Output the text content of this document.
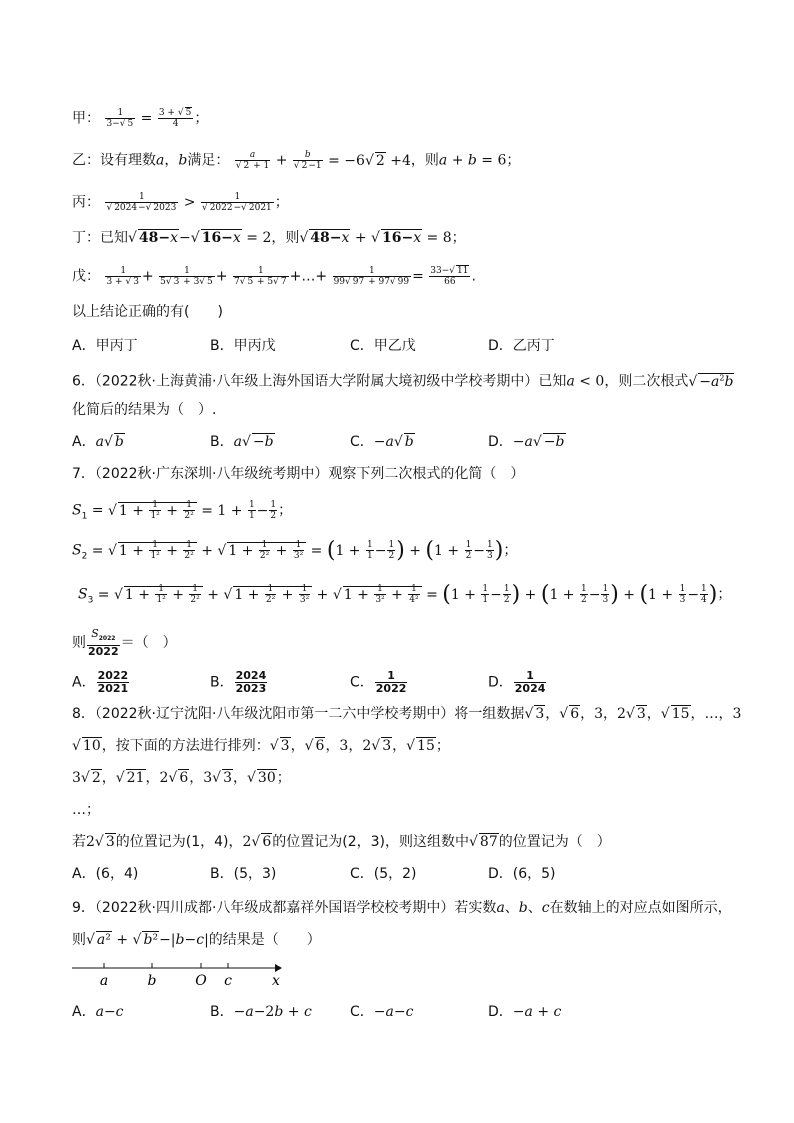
甲： $\frac{1}{3-√ 5} = \frac{3 + √ 5}{4}$ ；
乙：设有理数a，b满足： $\frac{a}{√ 2 + 1} + \frac{b}{√ 2-1} = -6√$ 2 +4，则a + b = 6；
丙： $\frac{1}{√ 2024-√ 2023} > \frac{1}{√ 2022-√ 2021}$ ；
丁：已知√ 48−x−√ 16−x = 2，则√ 48−x + √ 16−x = 8；
戊： $\frac{1}{3 + √ 3} + \frac{1}{5√ 3 + 3√ 5} + \frac{1}{7√ 5 + 5√ 7}$ +…+ $\frac{1}{99√ 97 + 97√ 99} = \frac{33-√ 11}{66}$ .
以上结论正确的有(　　)
A．甲丙丁	B．甲丙戊	C．甲乙戊	D．乙丙丁
6．（2022秋·上海黄浦·八年级上海外国语大学附属大境初级中学校考期中）已知a < 0，则二次根式√ $-a^2b$
化简后的结果为（　）.
A．a√ b	B．a√ −b	C．−a√ b	D．−a√ −b
7．（2022秋·广东深圳·八年级统考期中）观察下列二次根式的化简（　）
$S_1$ = √ $1 + \frac{1}{\text{1²}} + \frac{1}{\text{2²}} = 1 + \frac{1}{1} - \frac{1}{2}$ ；
$S_2$ = √ $1 + \frac{1}{\text{1²}} + \frac{1}{\text{2²}}$ + √ $1 + \frac{1}{\text{2²}} + \frac{1}{\text{3²}} = (1 + \frac{1}{1} - \frac{1}{2}$ ) + ($1 + \frac{1}{2} - \frac{1}{3}$ )；
$S_3$ = √ $1 + \frac{1}{\text{1²}} + \frac{1}{\text{2²}}$ + √ $1 + \frac{1}{\text{2²}} + \frac{1}{\text{3²}}$ + √ $1 + \frac{1}{\text{3²}} + \frac{1}{\text{4²}} = (1 + \frac{1}{1} - \frac{1}{2}$ ) + ($1 + \frac{1}{2} - \frac{1}{3}$ ) + ($1 + \frac{1}{3} - \frac{1}{4}$ )；
则 $\frac{S_{2022}}{2022}$ ＝（　）
A． $\frac{2022}{2021}$	B． $\frac{2024}{2023}$	C． $\frac{1}{2022}$	D． $\frac{1}{2024}$
8．（2022秋·辽宁沈阳·八年级沈阳市第一二六中学校考期中）将一组数据√ 3，√ 6，3，2√ 3，√ 15，…，3
√ 10，按下面的方法进行排列：√ 3，√ 6，3，2√ 3，√ 15；
3√ 2，√ 21，2√ 6，3√ 3，√ 30；
…；
若2√ 3的位置记为(1，4)，2√ 6的位置记为(2，3)，则这组数中√ 87的位置记为（　）
A．(6，4)	B．(5，3)	C．(5，2)	D．(6，5)
9．（2022秋·四川成都·八年级成都嘉祥外国语学校校考期中）若实数a、b、c在数轴上的对应点如图所示，
则√ a² + √ b²−|b−c|的结果是（　　）
a	b	O c	x
A．a−c	B．−a−2b + c	C．−a−c	D．−a + c
